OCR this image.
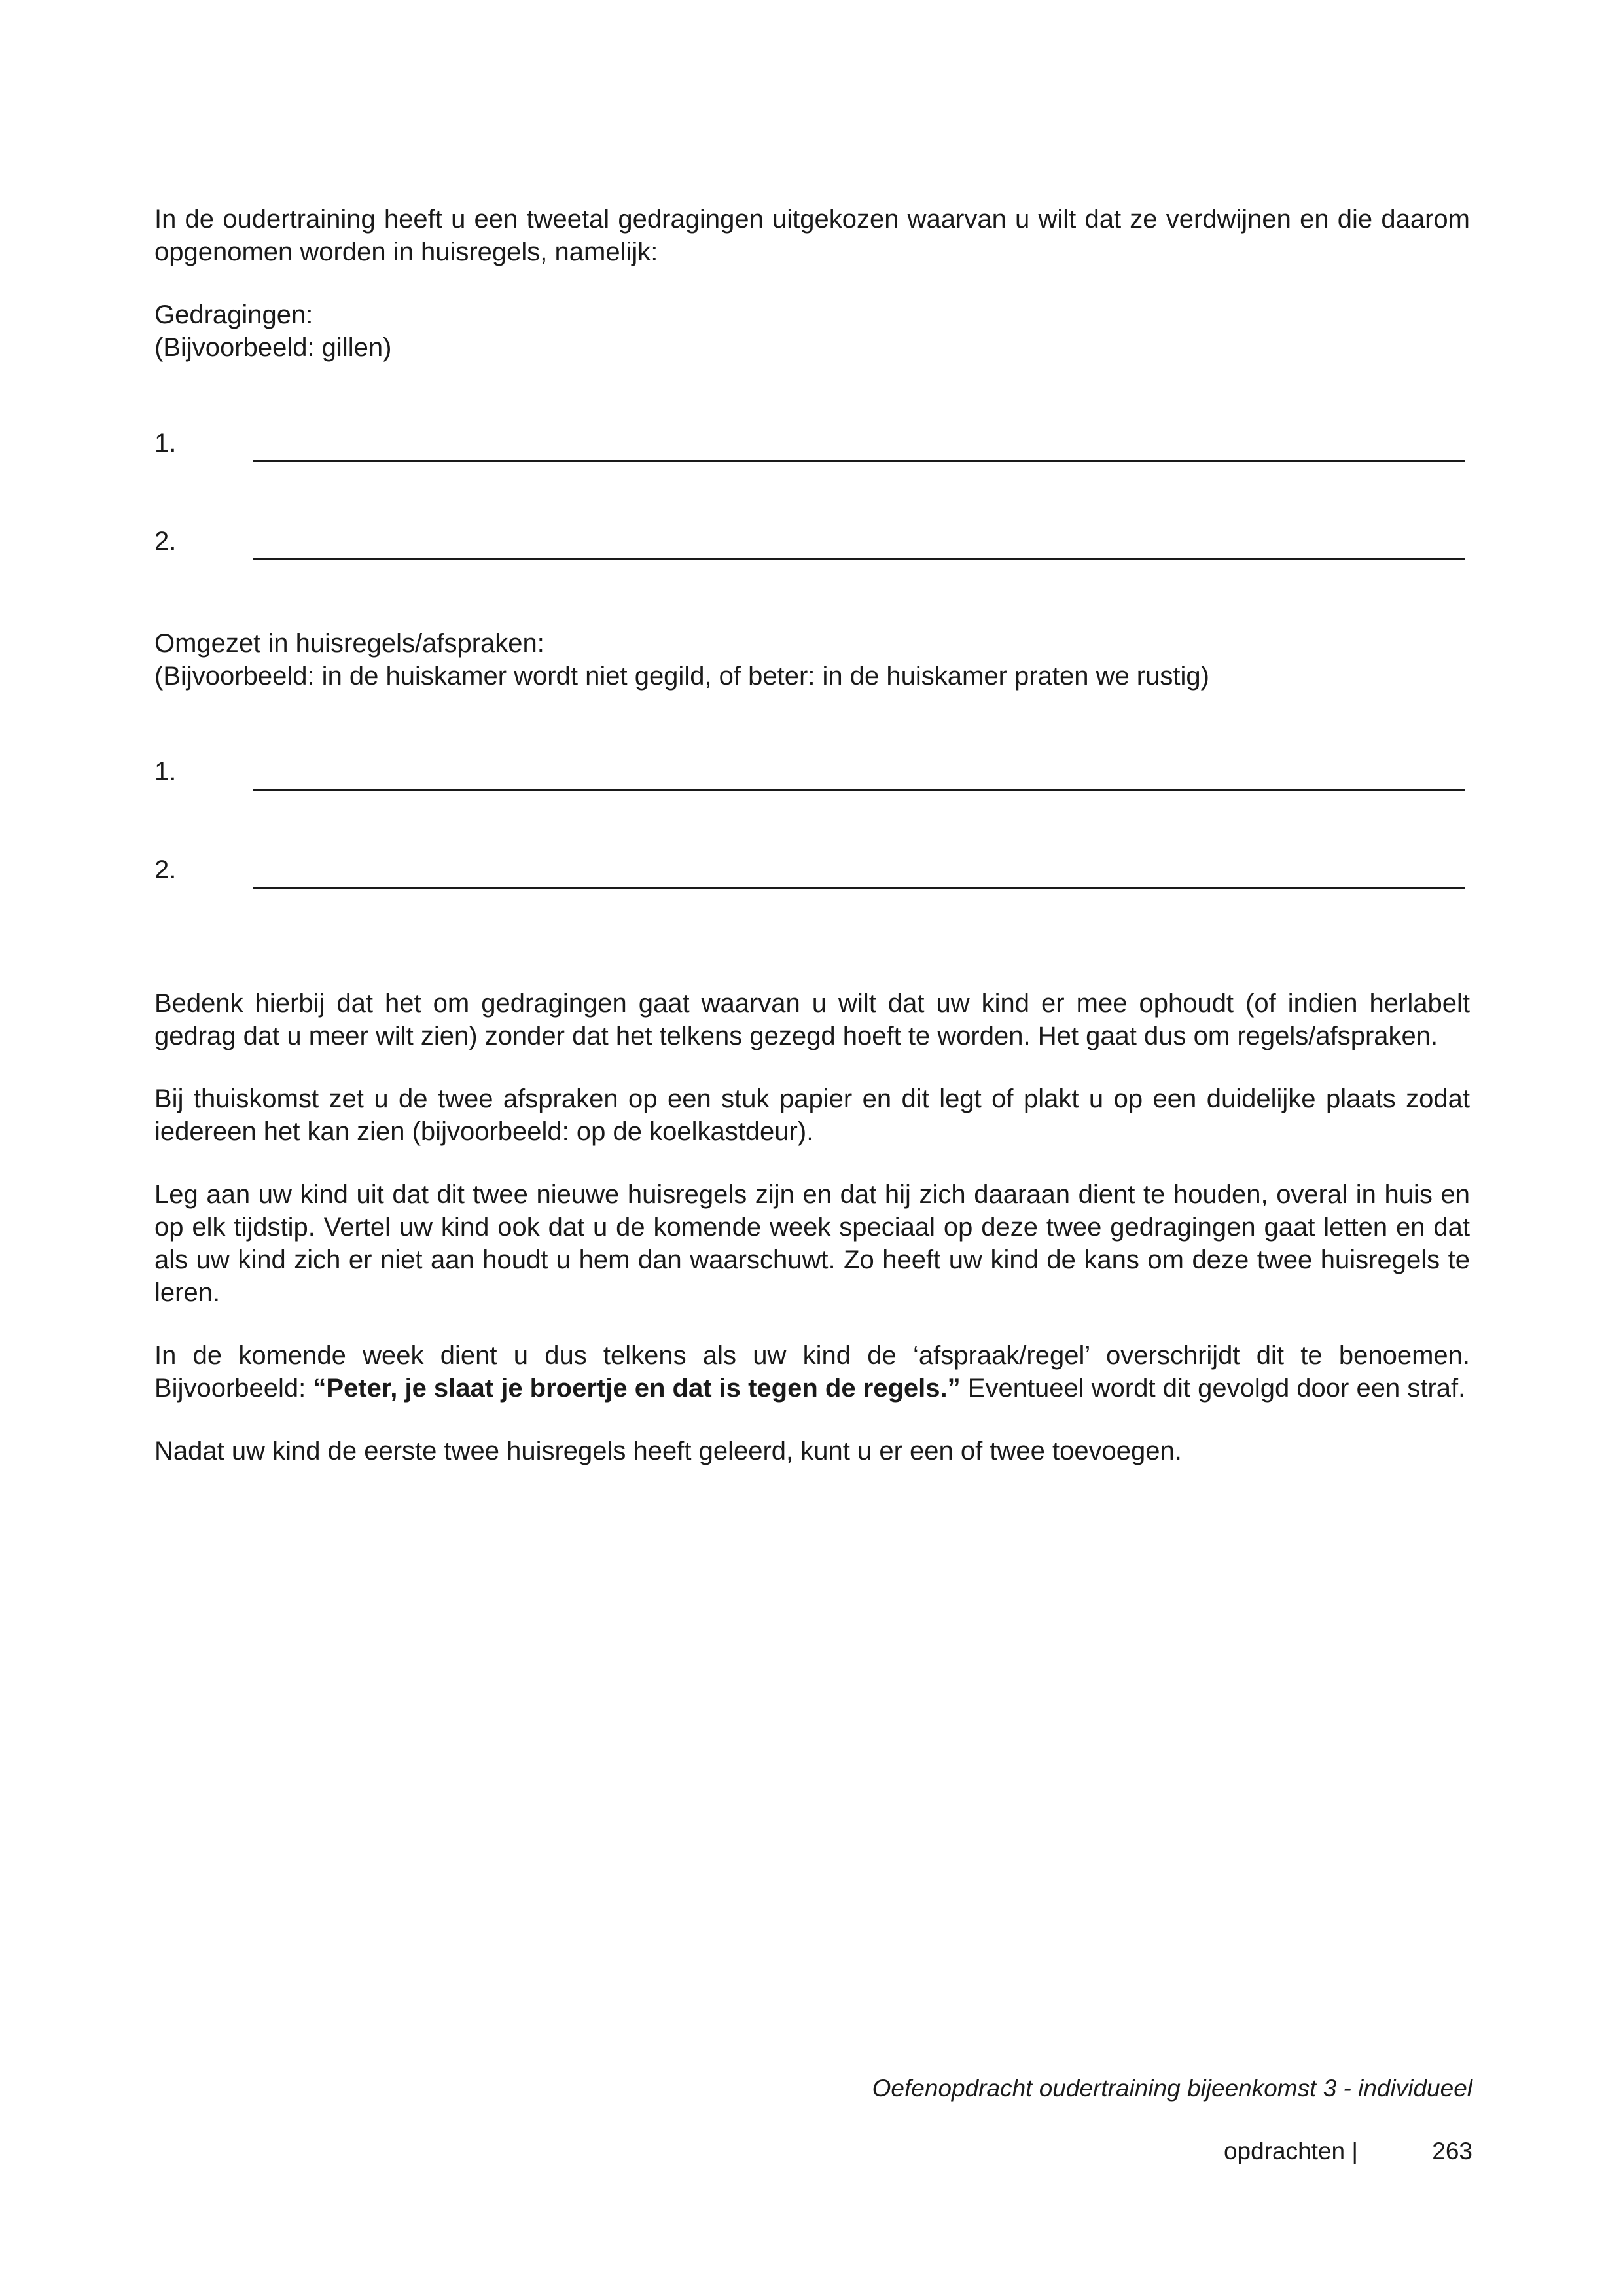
In de oudertraining heeft u een tweetal gedragingen uitgekozen waarvan u wilt dat ze verdwijnen en die daarom opgenomen worden in huisregels, namelijk:

Gedragingen:

(Bijvoorbeeld: gillen)

1.
2.

Omgezet in huisregels/afspraken:

(Bijvoorbeeld: in de huiskamer wordt niet gegild, of beter: in de huiskamer praten we rustig)

1.
2.

Bedenk hierbij dat het om gedragingen gaat waarvan u wilt dat uw kind er mee ophoudt (of indien herlabelt gedrag dat u meer wilt zien) zonder dat het telkens gezegd hoeft te worden. Het gaat dus om regels/afspraken.

Bij thuiskomst zet u de twee afspraken op een stuk papier en dit legt of plakt u op een duidelijke plaats zodat iedereen het kan zien (bijvoorbeeld: op de koelkastdeur).

Leg aan uw kind uit dat dit twee nieuwe huisregels zijn en dat hij zich daaraan dient te houden, overal in huis en op elk tijdstip. Vertel uw kind ook dat u de komende week speciaal op deze twee gedragingen gaat letten en dat als uw kind zich er niet aan houdt u hem dan waarschuwt. Zo heeft uw kind de kans om deze twee huisregels te leren.

In de komende week dient u dus telkens als uw kind de ‘afspraak/regel’ overschrijdt dit te benoemen. Bijvoorbeeld: “Peter, je slaat je broertje en dat is tegen de regels.” Eventueel wordt dit gevolgd door een straf.

Nadat uw kind de eerste twee huisregels heeft geleerd, kunt u er een of twee toevoegen.

Oefenopdracht oudertraining bijeenkomst 3 - individueel
opdrachten |	263
